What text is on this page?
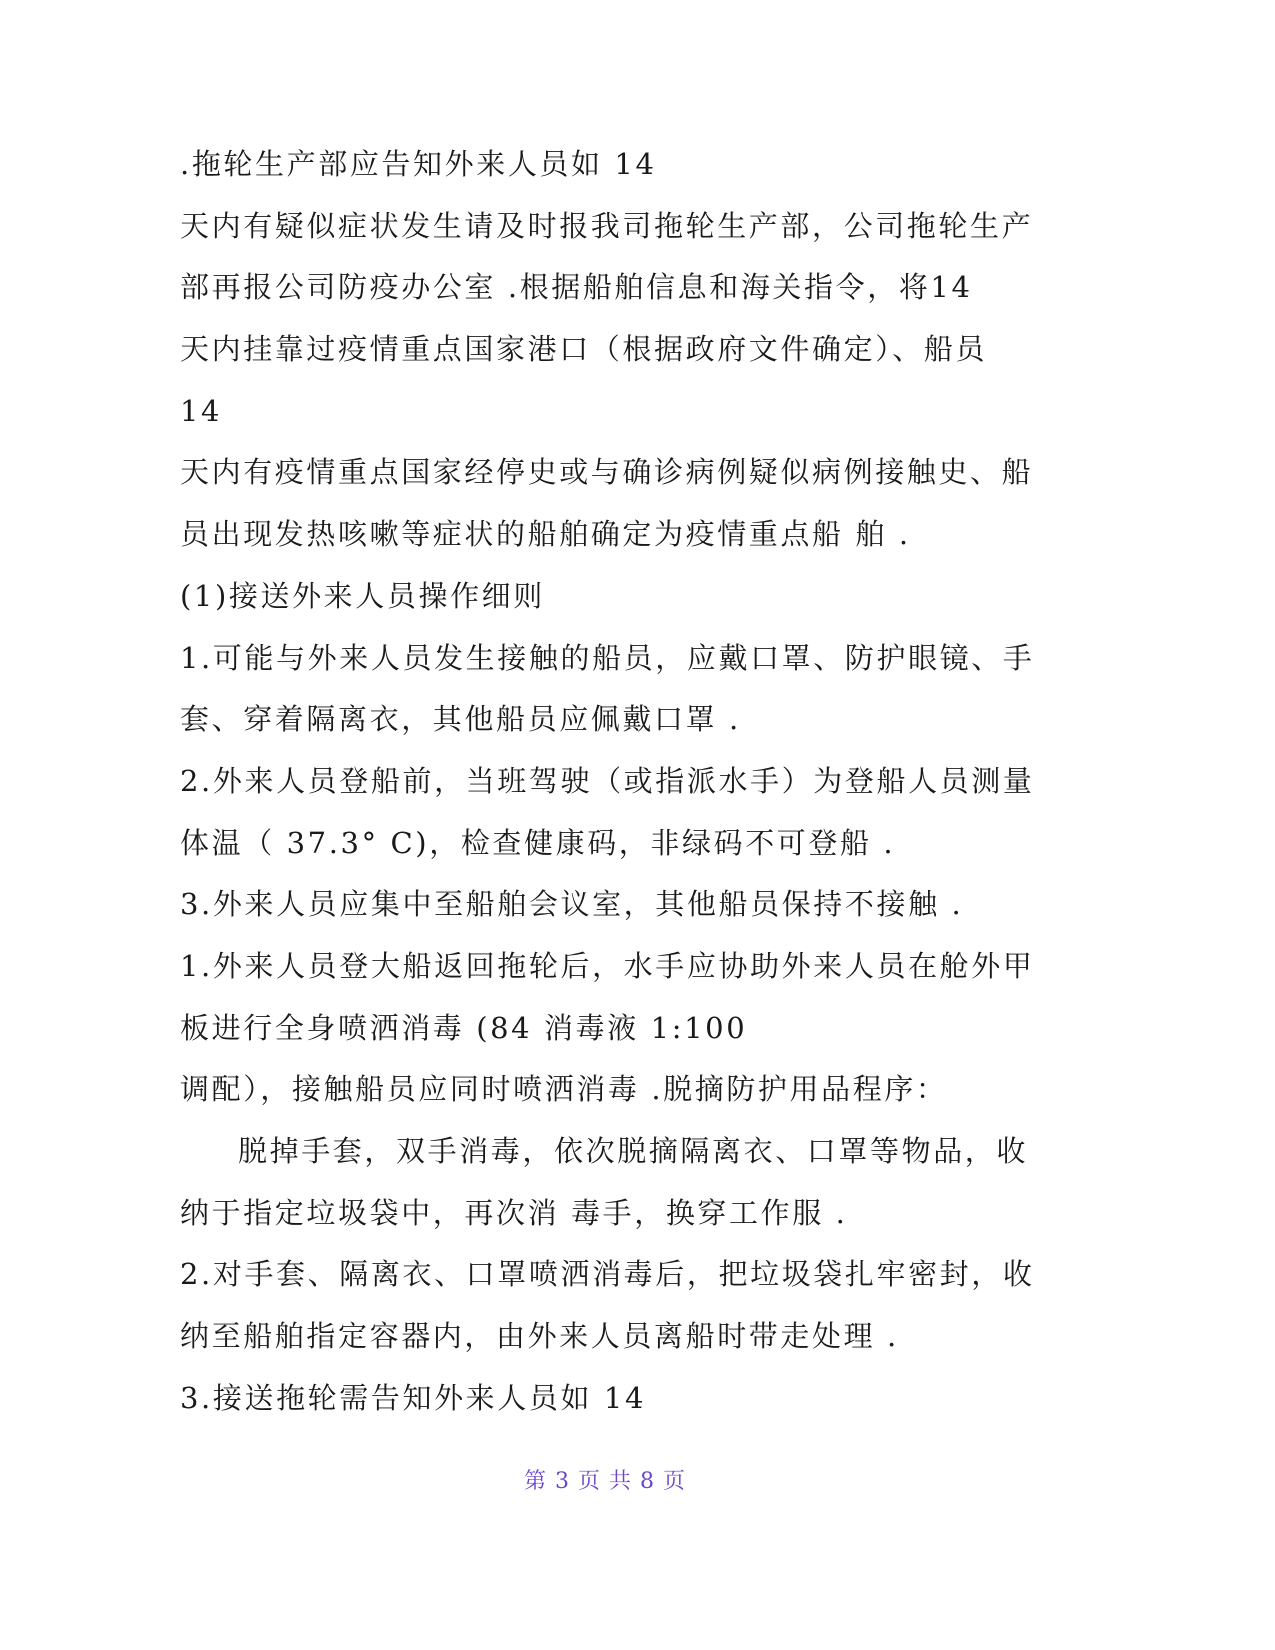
.拖轮生产部应告知外来人员如 14
天内有疑似症状发生请及时报我司拖轮生产部，公司拖轮生产
部再报公司防疫办公室 .根据船舶信息和海关指令，将14
天内挂靠过疫情重点国家港口（根据政府文件确定）、船员
14
天内有疫情重点国家经停史或与确诊病例疑似病例接触史、船
员出现发热咳嗽等症状的船舶确定为疫情重点船 舶 .
(1)接送外来人员操作细则
1.可能与外来人员发生接触的船员，应戴口罩、防护眼镜、手
套、穿着隔离衣，其他船员应佩戴口罩 .
2.外来人员登船前，当班驾驶（或指派水手）为登船人员测量
体温（ 37.3° C)，检查健康码，非绿码不可登船 .
3.外来人员应集中至船舶会议室，其他船员保持不接触 .
1.外来人员登大船返回拖轮后，水手应协助外来人员在舱外甲
板进行全身喷洒消毒 (84 消毒液 1:100
调配），接触船员应同时喷洒消毒 .脱摘防护用品程序：
脱掉手套，双手消毒，依次脱摘隔离衣、口罩等物品，收
纳于指定垃圾袋中，再次消 毒手，换穿工作服 .
2.对手套、隔离衣、口罩喷洒消毒后，把垃圾袋扎牢密封，收
纳至船舶指定容器内，由外来人员离船时带走处理 .
3.接送拖轮需告知外来人员如 14
第 3 页 共 8 页
